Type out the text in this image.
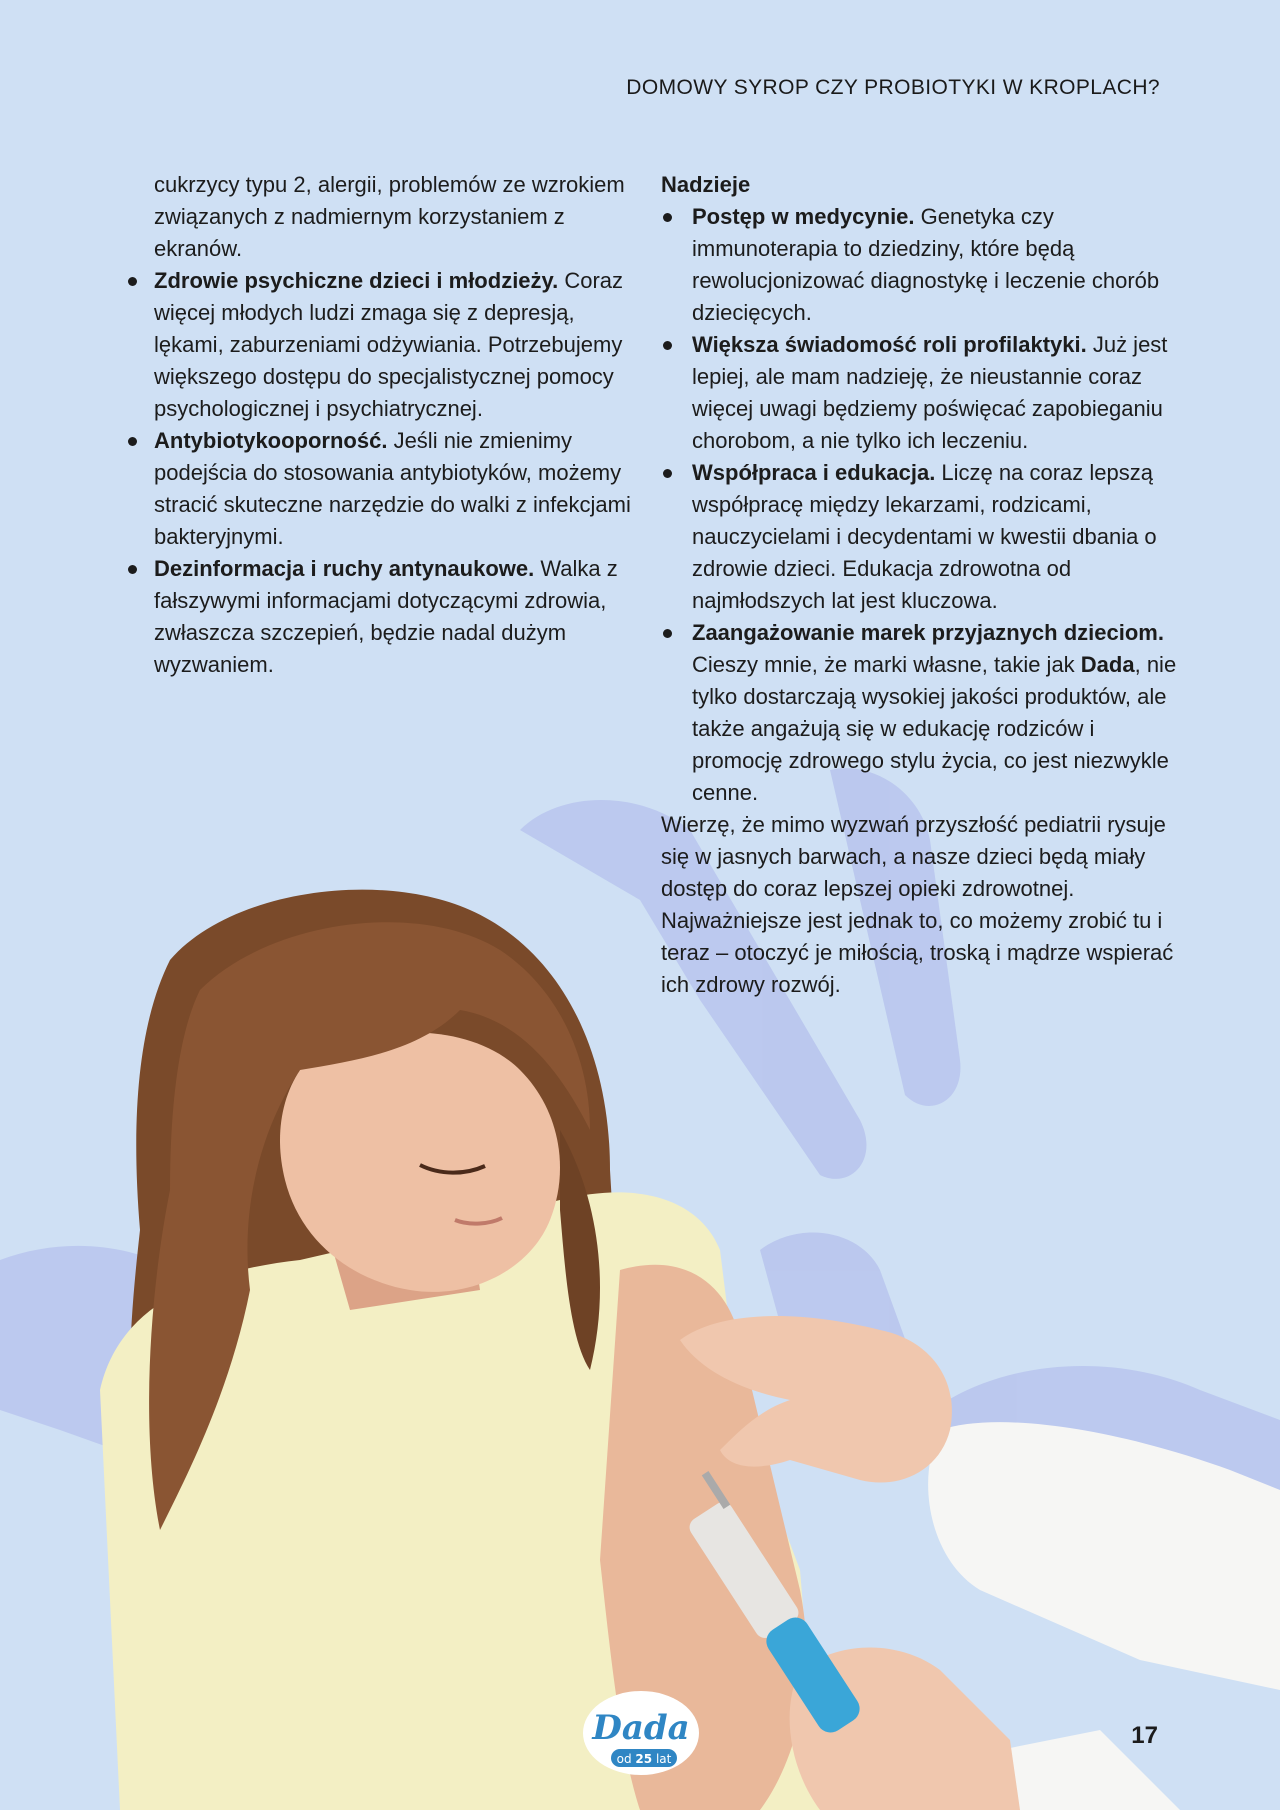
DOMOWY SYROP CZY PROBIOTYKI W KROPLACH?

cukrzycy typu 2, alergii, problemów ze wzrokiem związanych z nadmiernym korzystaniem z ekranów.

Zdrowie psychiczne dzieci i młodzieży. Coraz więcej młodych ludzi zmaga się z depresją, lękami, zaburzeniami odżywiania. Potrzebujemy większego dostępu do specjalistycznej pomocy psychologicznej i psychiatrycznej.
Antybiotykooporność. Jeśli nie zmienimy podejścia do stosowania antybiotyków, możemy stracić skuteczne narzędzie do walki z infekcjami bakteryjnymi.
Dezinformacja i ruchy antynaukowe. Walka z fałszywymi informacjami dotyczącymi zdrowia, zwłaszcza szczepień, będzie nadal dużym wyzwaniem.

Nadzieje

Postęp w medycynie. Genetyka czy immunoterapia to dziedziny, które będą rewolucjonizować diagnostykę i leczenie chorób dziecięcych.
Większa świadomość roli profilaktyki. Już jest lepiej, ale mam nadzieję, że nieustannie coraz więcej uwagi będziemy poświęcać zapobieganiu chorobom, a nie tylko ich leczeniu.
Współpraca i edukacja. Liczę na coraz lepszą współpracę między lekarzami, rodzicami, nauczycielami i decydentami w kwestii dbania o zdrowie dzieci. Edukacja zdrowotna od najmłodszych lat jest kluczowa.
Zaangażowanie marek przyjaznych dzieciom. Cieszy mnie, że marki własne, takie jak Dada, nie tylko dostarczają wysokiej jakości produktów, ale także angażują się w edukację rodziców i promocję zdrowego stylu życia, co jest niezwykle cenne.

Wierzę, że mimo wyzwań przyszłość pediatrii rysuje się w jasnych barwach, a nasze dzieci będą miały dostęp do coraz lepszej opieki zdrowotnej. Najważniejsze jest jednak to, co możemy zrobić tu i teraz – otoczyć je miłością, troską i mądrze wspierać ich zdrowy rozwój.

Dada
od 25 lat

17
